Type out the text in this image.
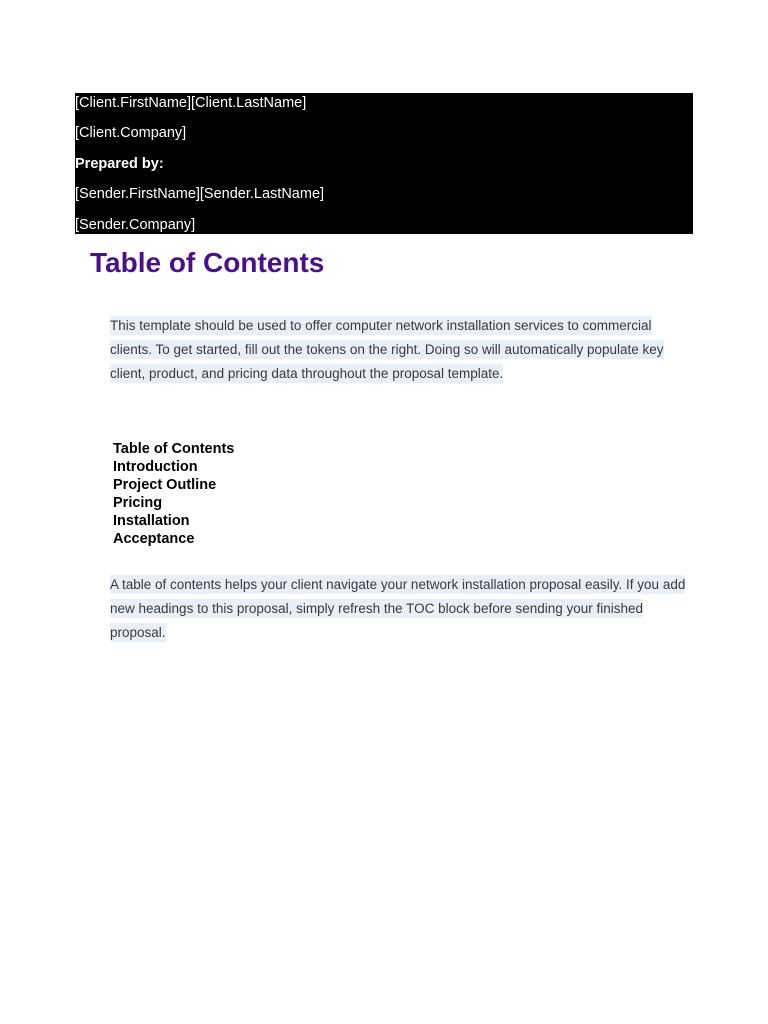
[Client.FirstName][Client.LastName]
[Client.Company]
Prepared by:
[Sender.FirstName][Sender.LastName]
[Sender.Company]
Table of Contents

This template should be used to offer computer network installation services to commercial clients. To get started, fill out the tokens on the right. Doing so will automatically populate key client, product, and pricing data throughout the proposal template.

Table of Contents
Introduction
Project Outline
Pricing
Installation
Acceptance

A table of contents helps your client navigate your network installation proposal easily. If you add new headings to this proposal, simply refresh the TOC block before sending your finished proposal.
